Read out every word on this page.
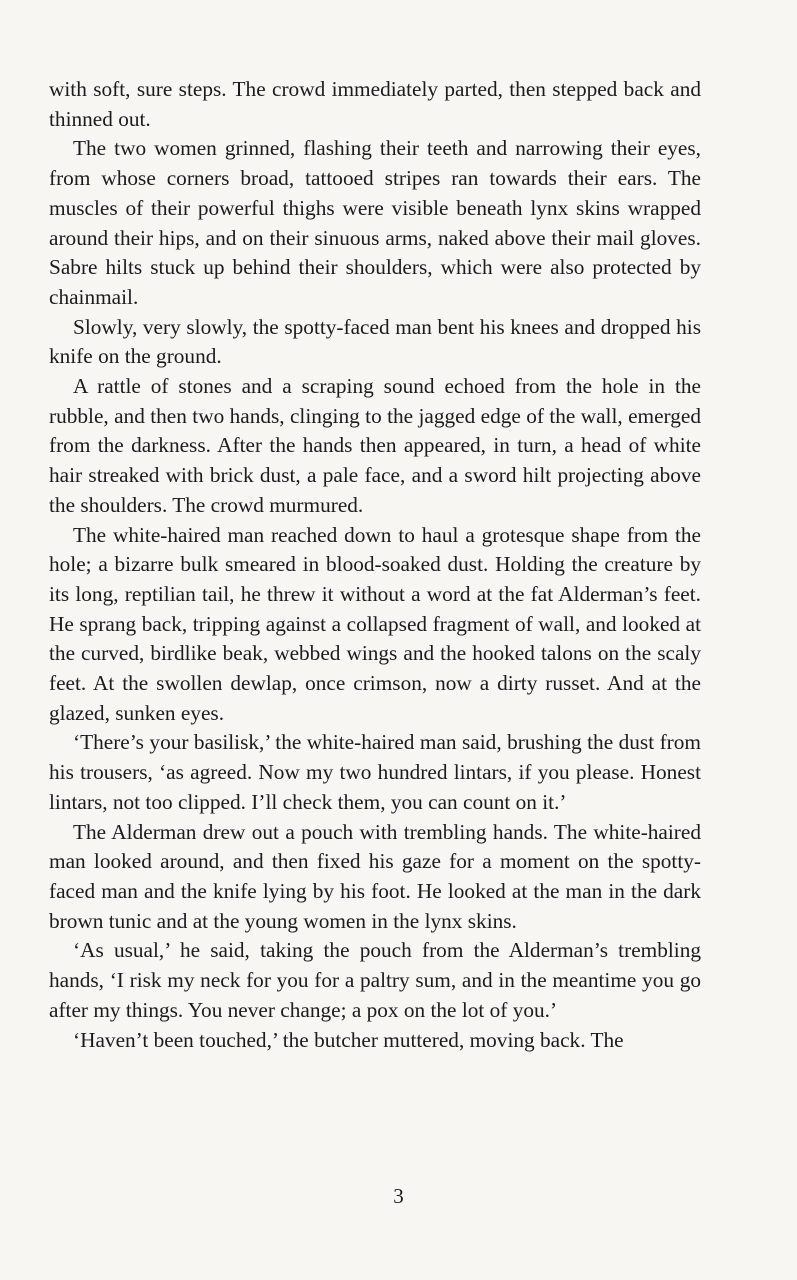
with soft, sure steps. The crowd immediately parted, then stepped back and thinned out.

The two women grinned, flashing their teeth and narrowing their eyes, from whose corners broad, tattooed stripes ran towards their ears. The muscles of their powerful thighs were visible beneath lynx skins wrapped around their hips, and on their sinuous arms, naked above their mail gloves. Sabre hilts stuck up behind their shoulders, which were also protected by chainmail.

Slowly, very slowly, the spotty-faced man bent his knees and dropped his knife on the ground.

A rattle of stones and a scraping sound echoed from the hole in the rubble, and then two hands, clinging to the jagged edge of the wall, emerged from the darkness. After the hands then appeared, in turn, a head of white hair streaked with brick dust, a pale face, and a sword hilt projecting above the shoulders. The crowd murmured.

The white-haired man reached down to haul a grotesque shape from the hole; a bizarre bulk smeared in blood-soaked dust. Holding the creature by its long, reptilian tail, he threw it without a word at the fat Alderman’s feet. He sprang back, tripping against a collapsed fragment of wall, and looked at the curved, birdlike beak, webbed wings and the hooked talons on the scaly feet. At the swollen dewlap, once crimson, now a dirty russet. And at the glazed, sunken eyes.

‘There’s your basilisk,’ the white-haired man said, brushing the dust from his trousers, ‘as agreed. Now my two hundred lintars, if you please. Honest lintars, not too clipped. I’ll check them, you can count on it.’

The Alderman drew out a pouch with trembling hands. The white-haired man looked around, and then fixed his gaze for a moment on the spotty-faced man and the knife lying by his foot. He looked at the man in the dark brown tunic and at the young women in the lynx skins.

‘As usual,’ he said, taking the pouch from the Alderman’s trembling hands, ‘I risk my neck for you for a paltry sum, and in the meantime you go after my things. You never change; a pox on the lot of you.’

‘Haven’t been touched,’ the butcher muttered, moving back. The

3
